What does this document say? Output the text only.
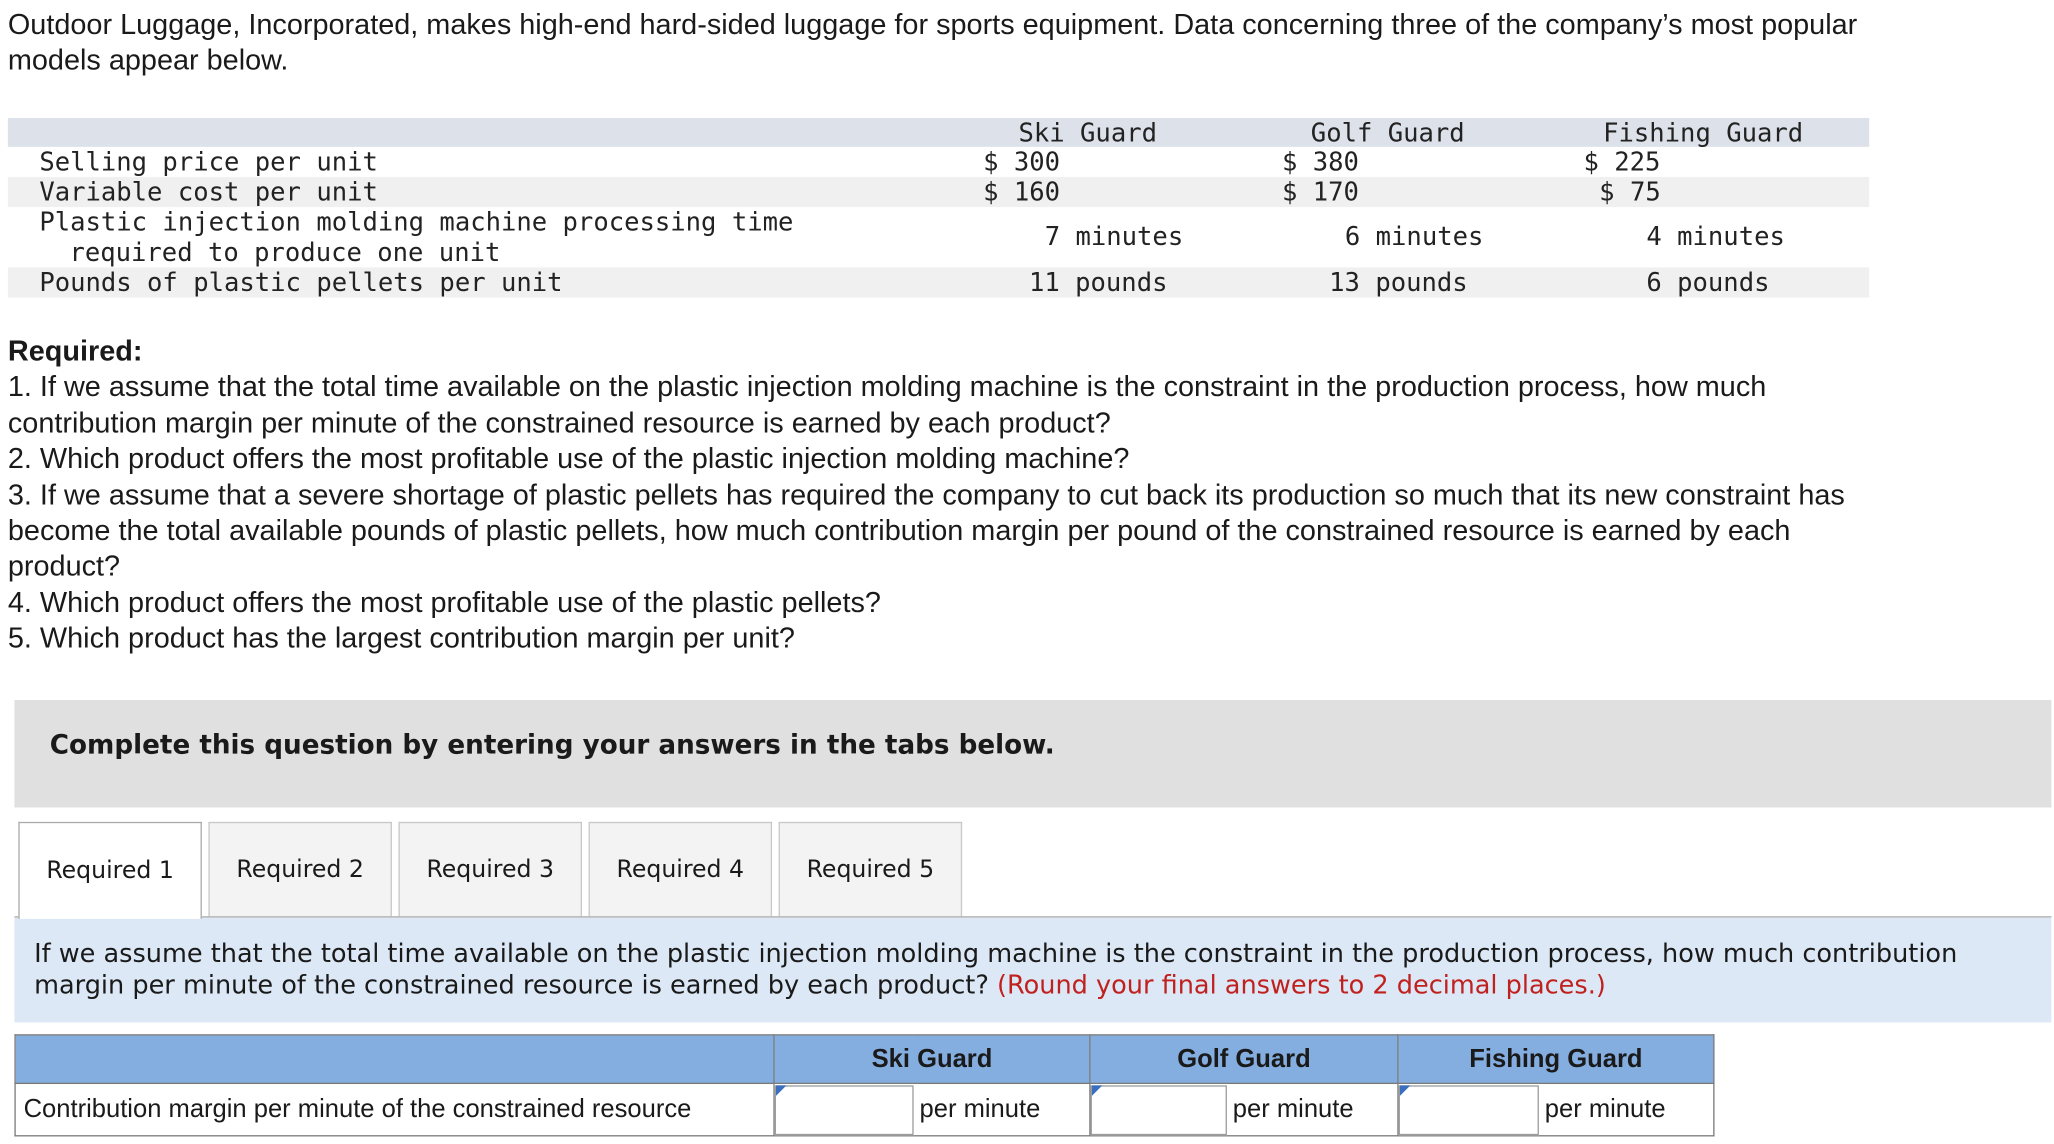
Outdoor Luggage, Incorporated, makes high-end hard-sided luggage for sports equipment. Data concerning three of the company’s most popular models appear below.
Ski Guard	Golf Guard	Fishing Guard
Selling price per unit	$ 300	$ 380	$ 225
Variable cost per unit	$ 160	$ 170	$ 75
Plastic injection molding machine processing time
required to produce one unit
7 minutes	6 minutes	4 minutes
Pounds of plastic pellets per unit	11 pounds	13 pounds	6 pounds
Required:
1. If we assume that the total time available on the plastic injection molding machine is the constraint in the production process, how much contribution margin per minute of the constrained resource is earned by each product?
2. Which product offers the most profitable use of the plastic injection molding machine?
3. If we assume that a severe shortage of plastic pellets has required the company to cut back its production so much that its new constraint has become the total available pounds of plastic pellets, how much contribution margin per pound of the constrained resource is earned by each product?
4. Which product offers the most profitable use of the plastic pellets?
5. Which product has the largest contribution margin per unit?
Complete this question by entering your answers in the tabs below.
Required 1	Required 2	Required 3	Required 4	Required 5
If we assume that the total time available on the plastic injection molding machine is the constraint in the production process, how much contribution margin per minute of the constrained resource is earned by each product? (Round your final answers to 2 decimal places.)
	Ski Guard		Golf Guard		Fishing Guard	
Contribution margin per minute of the constrained resource		per minute		per minute		per minute
